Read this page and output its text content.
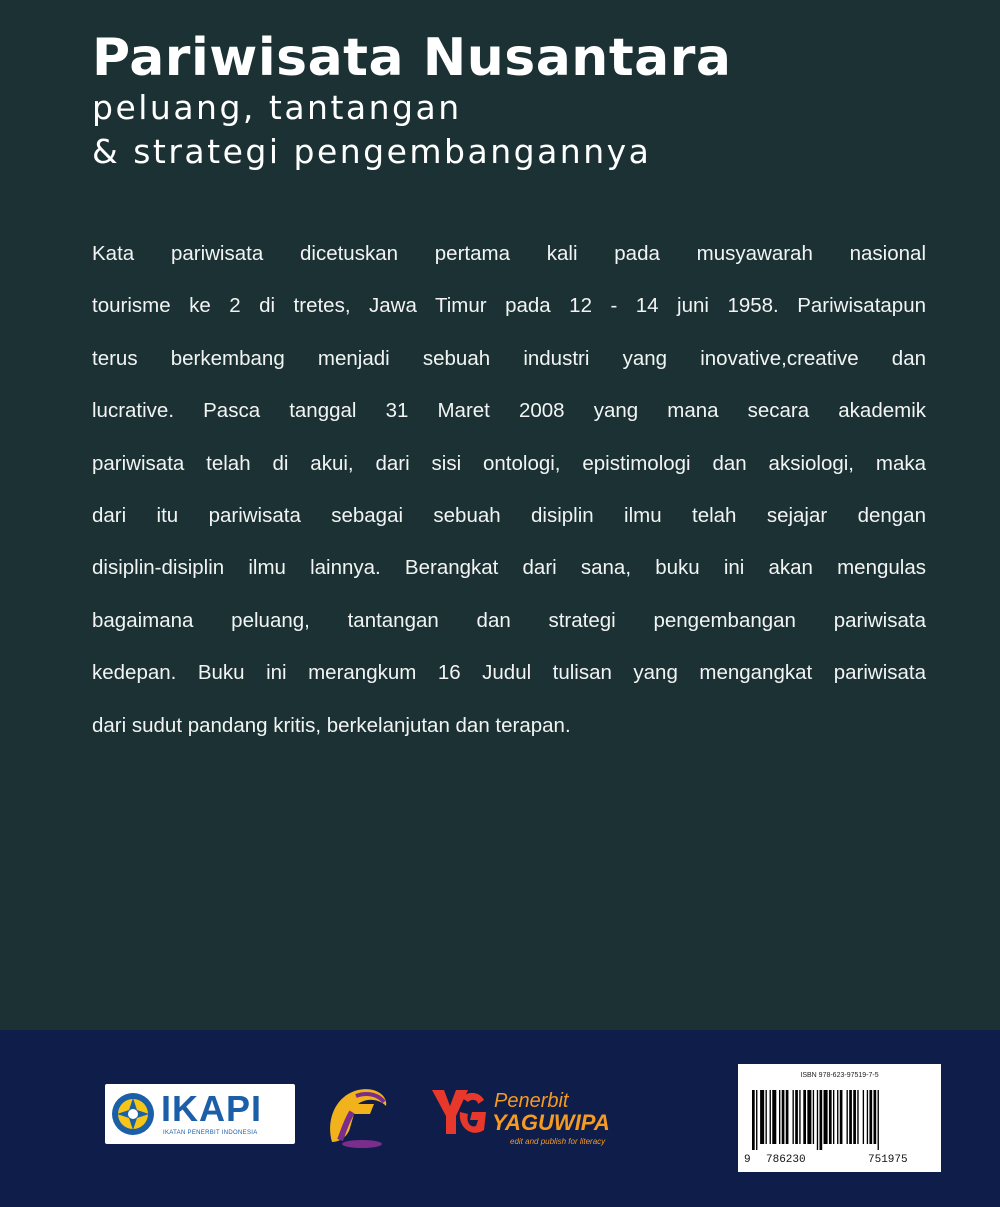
Pariwisata Nusantara
peluang, tantangan
& strategi pengembangannya
Kata pariwisata dicetuskan pertama kali pada musyawarah nasional
tourisme ke 2 di tretes, Jawa Timur pada 12 - 14 juni 1958. Pariwisatapun
terus berkembang menjadi sebuah industri yang inovative,creative dan
lucrative. Pasca tanggal 31 Maret 2008 yang mana secara akademik
pariwisata telah di akui, dari sisi ontologi, epistimologi dan aksiologi, maka
dari itu pariwisata sebagai sebuah disiplin ilmu telah sejajar dengan
disiplin-disiplin ilmu lainnya. Berangkat dari sana, buku ini akan mengulas
bagaimana peluang, tantangan dan strategi pengembangan pariwisata
kedepan. Buku ini merangkum 16 Judul tulisan yang mengangkat pariwisata
dari sudut pandang kritis, berkelanjutan dan terapan.
IKAPI
IKATAN PENERBIT INDONESIA
Penerbit
YAGUWIPA
edit and publish for literacy
ISBN 978-623-97519-7-5
9 786230	751975
